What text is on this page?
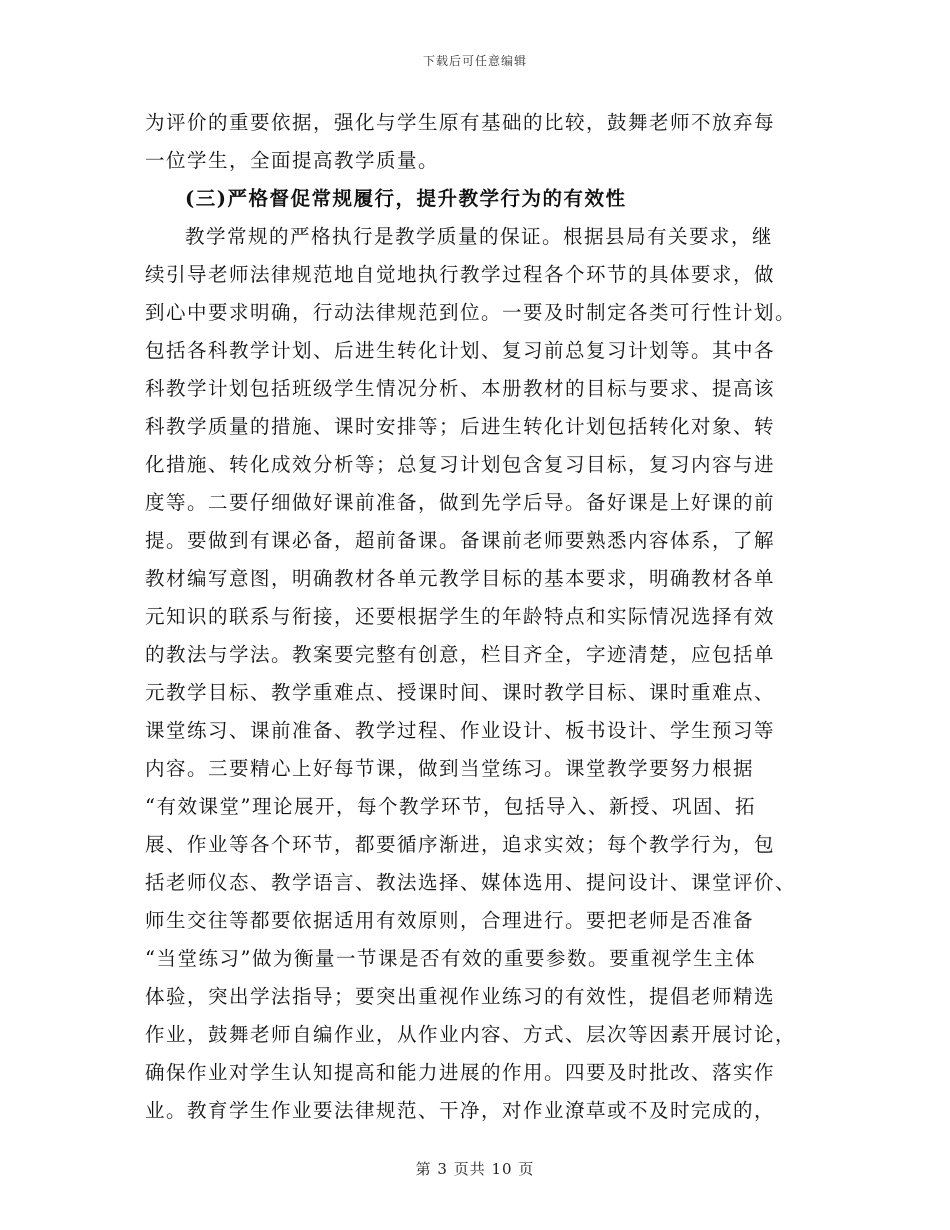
下载后可任意编辑
为评价的重要依据，强化与学生原有基础的比较，鼓舞老师不放弃每
一位学生，全面提高教学质量。
(三)严格督促常规履行，提升教学行为的有效性
教学常规的严格执行是教学质量的保证。根据县局有关要求，继
续引导老师法律规范地自觉地执行教学过程各个环节的具体要求，做
到心中要求明确，行动法律规范到位。一要及时制定各类可行性计划。
包括各科教学计划、后进生转化计划、复习前总复习计划等。其中各
科教学计划包括班级学生情况分析、本册教材的目标与要求、提高该
科教学质量的措施、课时安排等；后进生转化计划包括转化对象、转
化措施、转化成效分析等；总复习计划包含复习目标，复习内容与进
度等。二要仔细做好课前准备，做到先学后导。备好课是上好课的前
提。要做到有课必备，超前备课。备课前老师要熟悉内容体系，了解
教材编写意图，明确教材各单元教学目标的基本要求，明确教材各单
元知识的联系与衔接，还要根据学生的年龄特点和实际情况选择有效
的教法与学法。教案要完整有创意，栏目齐全，字迹清楚，应包括单
元教学目标、教学重难点、授课时间、课时教学目标、课时重难点、
课堂练习、课前准备、教学过程、作业设计、板书设计、学生预习等
内容。三要精心上好每节课，做到当堂练习。课堂教学要努力根据
“有效课堂”理论展开，每个教学环节，包括导入、新授、巩固、拓
展、作业等各个环节，都要循序渐进，追求实效；每个教学行为，包
括老师仪态、教学语言、教法选择、媒体选用、提问设计、课堂评价、
师生交往等都要依据适用有效原则，合理进行。要把老师是否准备
“当堂练习”做为衡量一节课是否有效的重要参数。要重视学生主体
体验，突出学法指导；要突出重视作业练习的有效性，提倡老师精选
作业，鼓舞老师自编作业，从作业内容、方式、层次等因素开展讨论，
确保作业对学生认知提高和能力进展的作用。四要及时批改、落实作
业。教育学生作业要法律规范、干净，对作业潦草或不及时完成的，
第 3 页共 10 页
